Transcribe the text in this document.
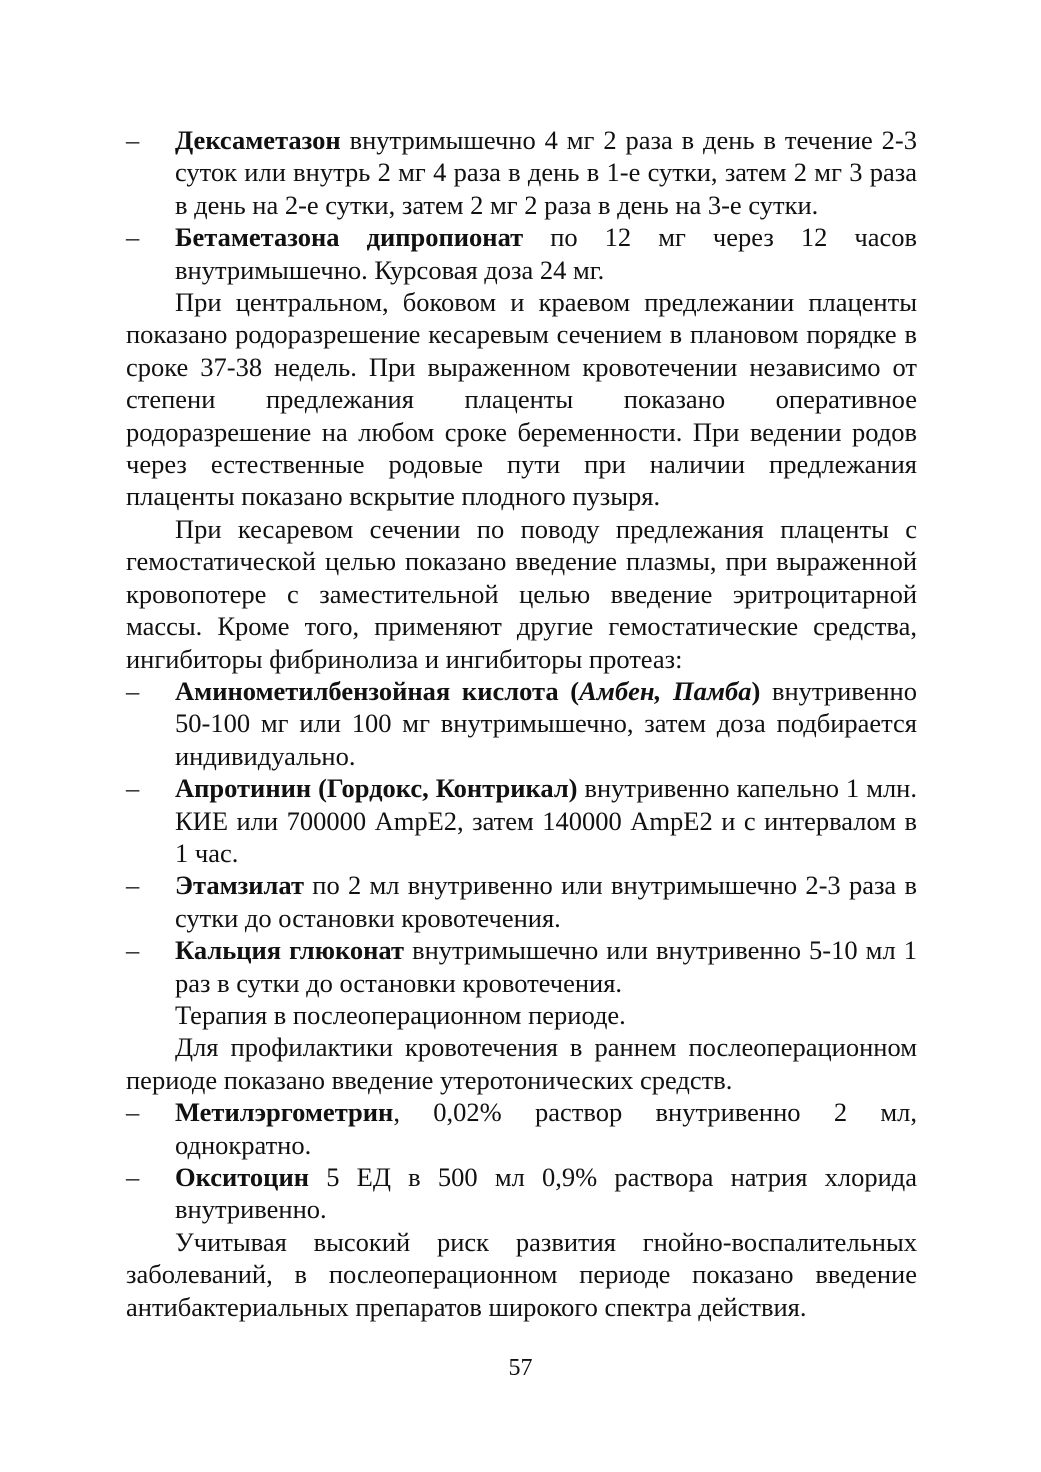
– Дексаметазон внутримышечно 4 мг 2 раза в день в течение 2-3 суток или внутрь 2 мг 4 раза в день в 1-е сутки, затем 2 мг 3 раза в день на 2-е сутки, затем 2 мг 2 раза в день на 3-е сутки.
– Бетаметазона дипропионат по 12 мг через 12 часов внутримышечно. Курсовая доза 24 мг.
При центральном, боковом и краевом предлежании плаценты показано родоразрешение кесаревым сечением в плановом порядке в сроке 37-38 недель. При выраженном кровотечении независимо от степени предлежания плаценты показано оперативное родоразрешение на любом сроке беременности. При ведении родов через естественные родовые пути при наличии предлежания плаценты показано вскрытие плодного пузыря.
При кесаревом сечении по поводу предлежания плаценты с гемостатической целью показано введение плазмы, при выраженной кровопотере с заместительной целью введение эритроцитарной массы. Кроме того, применяют другие гемостатические средства, ингибиторы фибринолиза и ингибиторы протеаз:
– Аминометилбензойная кислота (Амбен, Памба) внутривенно 50-100 мг или 100 мг внутримышечно, затем доза подбирается индивидуально.
– Апротинин (Гордокс, Контрикал) внутривенно капельно 1 млн. КИЕ или 700000 AmpE2, затем 140000 AmpE2 и с интервалом в 1 час.
– Этамзилат по 2 мл внутривенно или внутримышечно 2-3 раза в сутки до остановки кровотечения.
– Кальция глюконат внутримышечно или внутривенно 5-10 мл 1 раз в сутки до остановки кровотечения.
Терапия в послеоперационном периоде.
Для профилактики кровотечения в раннем послеоперационном периоде показано введение утеротонических средств.
– Метилэргометрин, 0,02% раствор внутривенно 2 мл, однократно.
– Окситоцин 5 ЕД в 500 мл 0,9% раствора натрия хлорида внутривенно.
Учитывая высокий риск развития гнойно-воспалительных заболеваний, в послеоперационном периоде показано введение антибактериальных препаратов широкого спектра действия.
57
